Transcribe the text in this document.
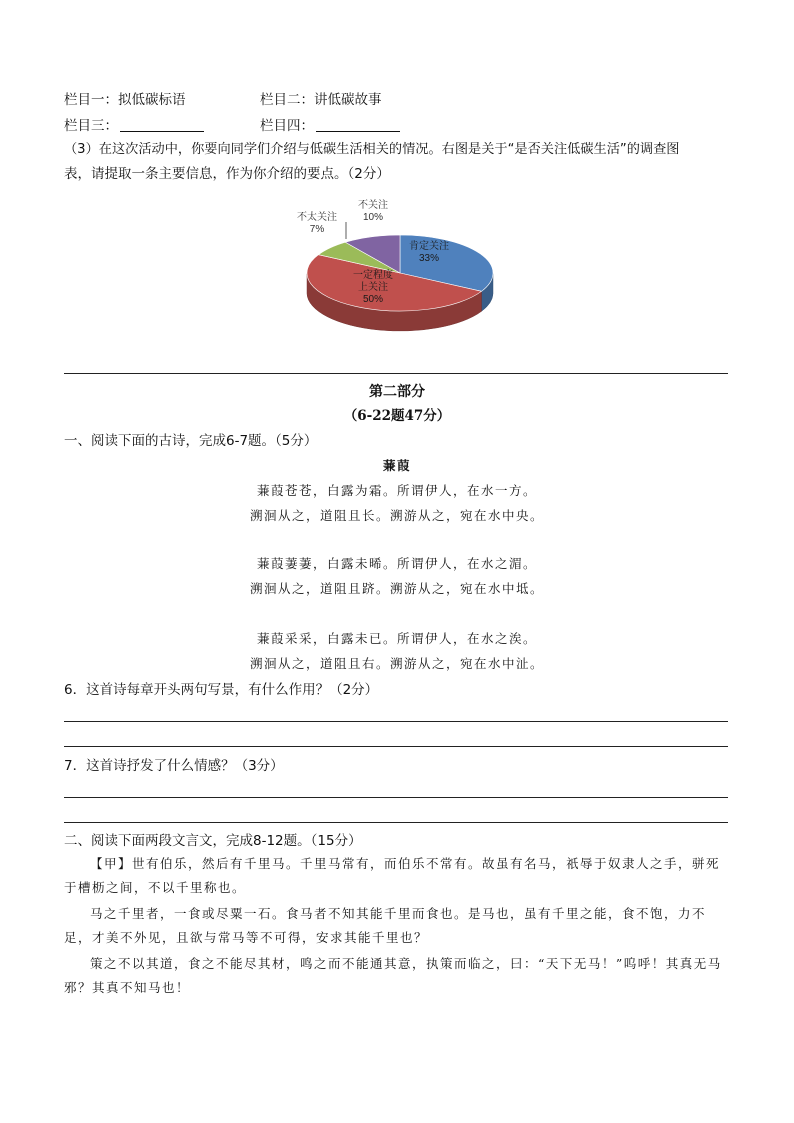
栏目一：拟低碳标语	栏目二：讲低碳故事
栏目三：	栏目四：
（3）在这次活动中，你要向同学们介绍与低碳生活相关的情况。右图是关于“是否关注低碳生活”的调查图
表，请提取一条主要信息，作为你介绍的要点。（2分）
肯定关注 33%
一定程度上关注 50%
不太关注 7%
不关注 10%
第二部分
（6-22题47分）
一、阅读下面的古诗，完成6-7题。（5分）
蒹葭
蒹葭苍苍，白露为霜。所谓伊人，在水一方。
溯洄从之，道阻且长。溯游从之，宛在水中央。
蒹葭萋萋，白露未晞。所谓伊人，在水之湄。
溯洄从之，道阻且跻。溯游从之，宛在水中坻。
蒹葭采采，白露未已。所谓伊人，在水之涘。
溯洄从之，道阻且右。溯游从之，宛在水中沚。
6．这首诗每章开头两句写景，有什么作用？（2分）
7．这首诗抒发了什么情感？（3分）
二、阅读下面两段文言文，完成8-12题。（15分）
【甲】世有伯乐，然后有千里马。千里马常有，而伯乐不常有。故虽有名马，祇辱于奴隶人之手，骈死于槽枥之间，不以千里称也。
马之千里者，一食或尽粟一石。食马者不知其能千里而食也。是马也，虽有千里之能，食不饱，力不足，才美不外见，且欲与常马等不可得，安求其能千里也？
策之不以其道，食之不能尽其材，鸣之而不能通其意，执策而临之，曰：“天下无马！”呜呼！其真无马邪？其真不知马也！
